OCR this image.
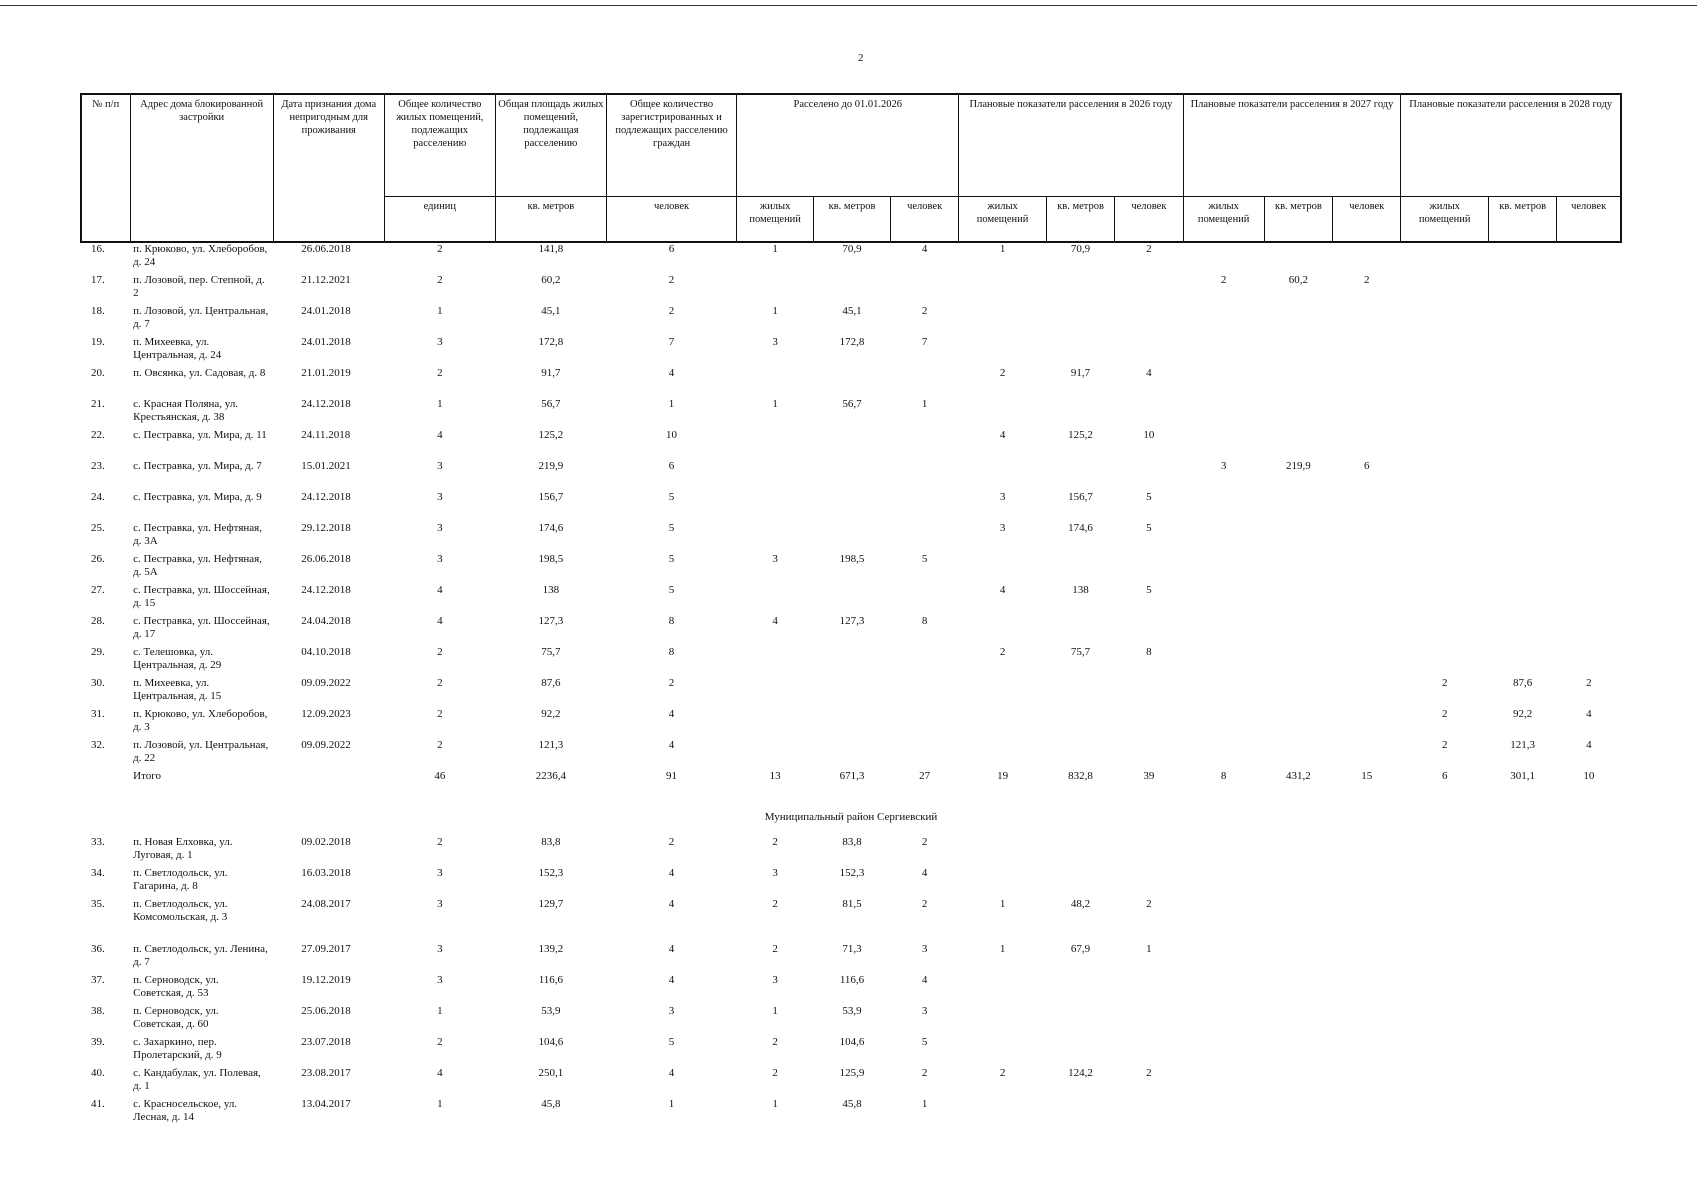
2
№ п/п	Адрес дома блокированной застройки	Дата признания дома непригодным для проживания	Общее количество жилых помещений, подлежащих расселению	Общая площадь жилых помещений, подлежащая расселению	Общее количество зарегистрированных и подлежащих расселению граждан	Расселено до 01.01.2026			Плановые показатели расселения в 2026 году			Плановые показатели расселения в 2027 году			Плановые показатели расселения в 2028 году		
			единиц	кв. метров	человек	жилых помещений	кв. метров	человек	жилых помещений	кв. метров	человек	жилых помещений	кв. метров	человек	жилых помещений	кв. метров	человек
16.	п. Крюково, ул. Хлеборобов, д. 24	26.06.2018	2	141,8	6	1	70,9	4	1	70,9	2						
17.	п. Лозовой, пер. Степной, д. 2	21.12.2021	2	60,2	2							2	60,2	2			
18.	п. Лозовой, ул. Центральная, д. 7	24.01.2018	1	45,1	2	1	45,1	2									
19.	п. Михеевка, ул. Центральная, д. 24	24.01.2018	3	172,8	7	3	172,8	7									
20.	п. Овсянка, ул. Садовая, д. 8	21.01.2019	2	91,7	4				2	91,7	4						
21.	с. Красная Поляна, ул. Крестьянская, д. 38	24.12.2018	1	56,7	1	1	56,7	1									
22.	с. Пестравка, ул. Мира, д. 11	24.11.2018	4	125,2	10				4	125,2	10						
23.	с. Пестравка, ул. Мира, д. 7	15.01.2021	3	219,9	6							3	219,9	6			
24.	с. Пестравка, ул. Мира, д. 9	24.12.2018	3	156,7	5				3	156,7	5						
25.	с. Пестравка, ул. Нефтяная, д. 3А	29.12.2018	3	174,6	5				3	174,6	5						
26.	с. Пестравка, ул. Нефтяная, д. 5А	26.06.2018	3	198,5	5	3	198,5	5									
27.	с. Пестравка, ул. Шоссейная, д. 15	24.12.2018	4	138	5				4	138	5						
28.	с. Пестравка, ул. Шоссейная, д. 17	24.04.2018	4	127,3	8	4	127,3	8									
29.	с. Телешовка, ул. Центральная, д. 29	04.10.2018	2	75,7	8				2	75,7	8						
30.	п. Михеевка, ул. Центральная, д. 15	09.09.2022	2	87,6	2										2	87,6	2
31.	п. Крюково, ул. Хлеборобов, д. 3	12.09.2023	2	92,2	4										2	92,2	4
32.	п. Лозовой, ул. Центральная, д. 22	09.09.2022	2	121,3	4										2	121,3	4
	Итого		46	2236,4	91	13	671,3	27	19	832,8	39	8	431,2	15	6	301,1	10
Муниципальный район Сергиевский																	
33.	п. Новая Елховка, ул. Луговая, д. 1	09.02.2018	2	83,8	2	2	83,8	2									
34.	п. Светлодольск, ул. Гагарина, д. 8	16.03.2018	3	152,3	4	3	152,3	4									
35.	п. Светлодольск, ул. Комсомольская, д. 3	24.08.2017	3	129,7	4	2	81,5	2	1	48,2	2						
36.	п. Светлодольск, ул. Ленина, д. 7	27.09.2017	3	139,2	4	2	71,3	3	1	67,9	1						
37.	п. Серноводск, ул. Советская, д. 53	19.12.2019	3	116,6	4	3	116,6	4									
38.	п. Серноводск, ул. Советская, д. 60	25.06.2018	1	53,9	3	1	53,9	3									
39.	с. Захаркино, пер. Пролетарский, д. 9	23.07.2018	2	104,6	5	2	104,6	5									
40.	с. Кандабулак, ул. Полевая, д. 1	23.08.2017	4	250,1	4	2	125,9	2	2	124,2	2						
41.	с. Красносельское, ул. Лесная, д. 14	13.04.2017	1	45,8	1	1	45,8	1									
